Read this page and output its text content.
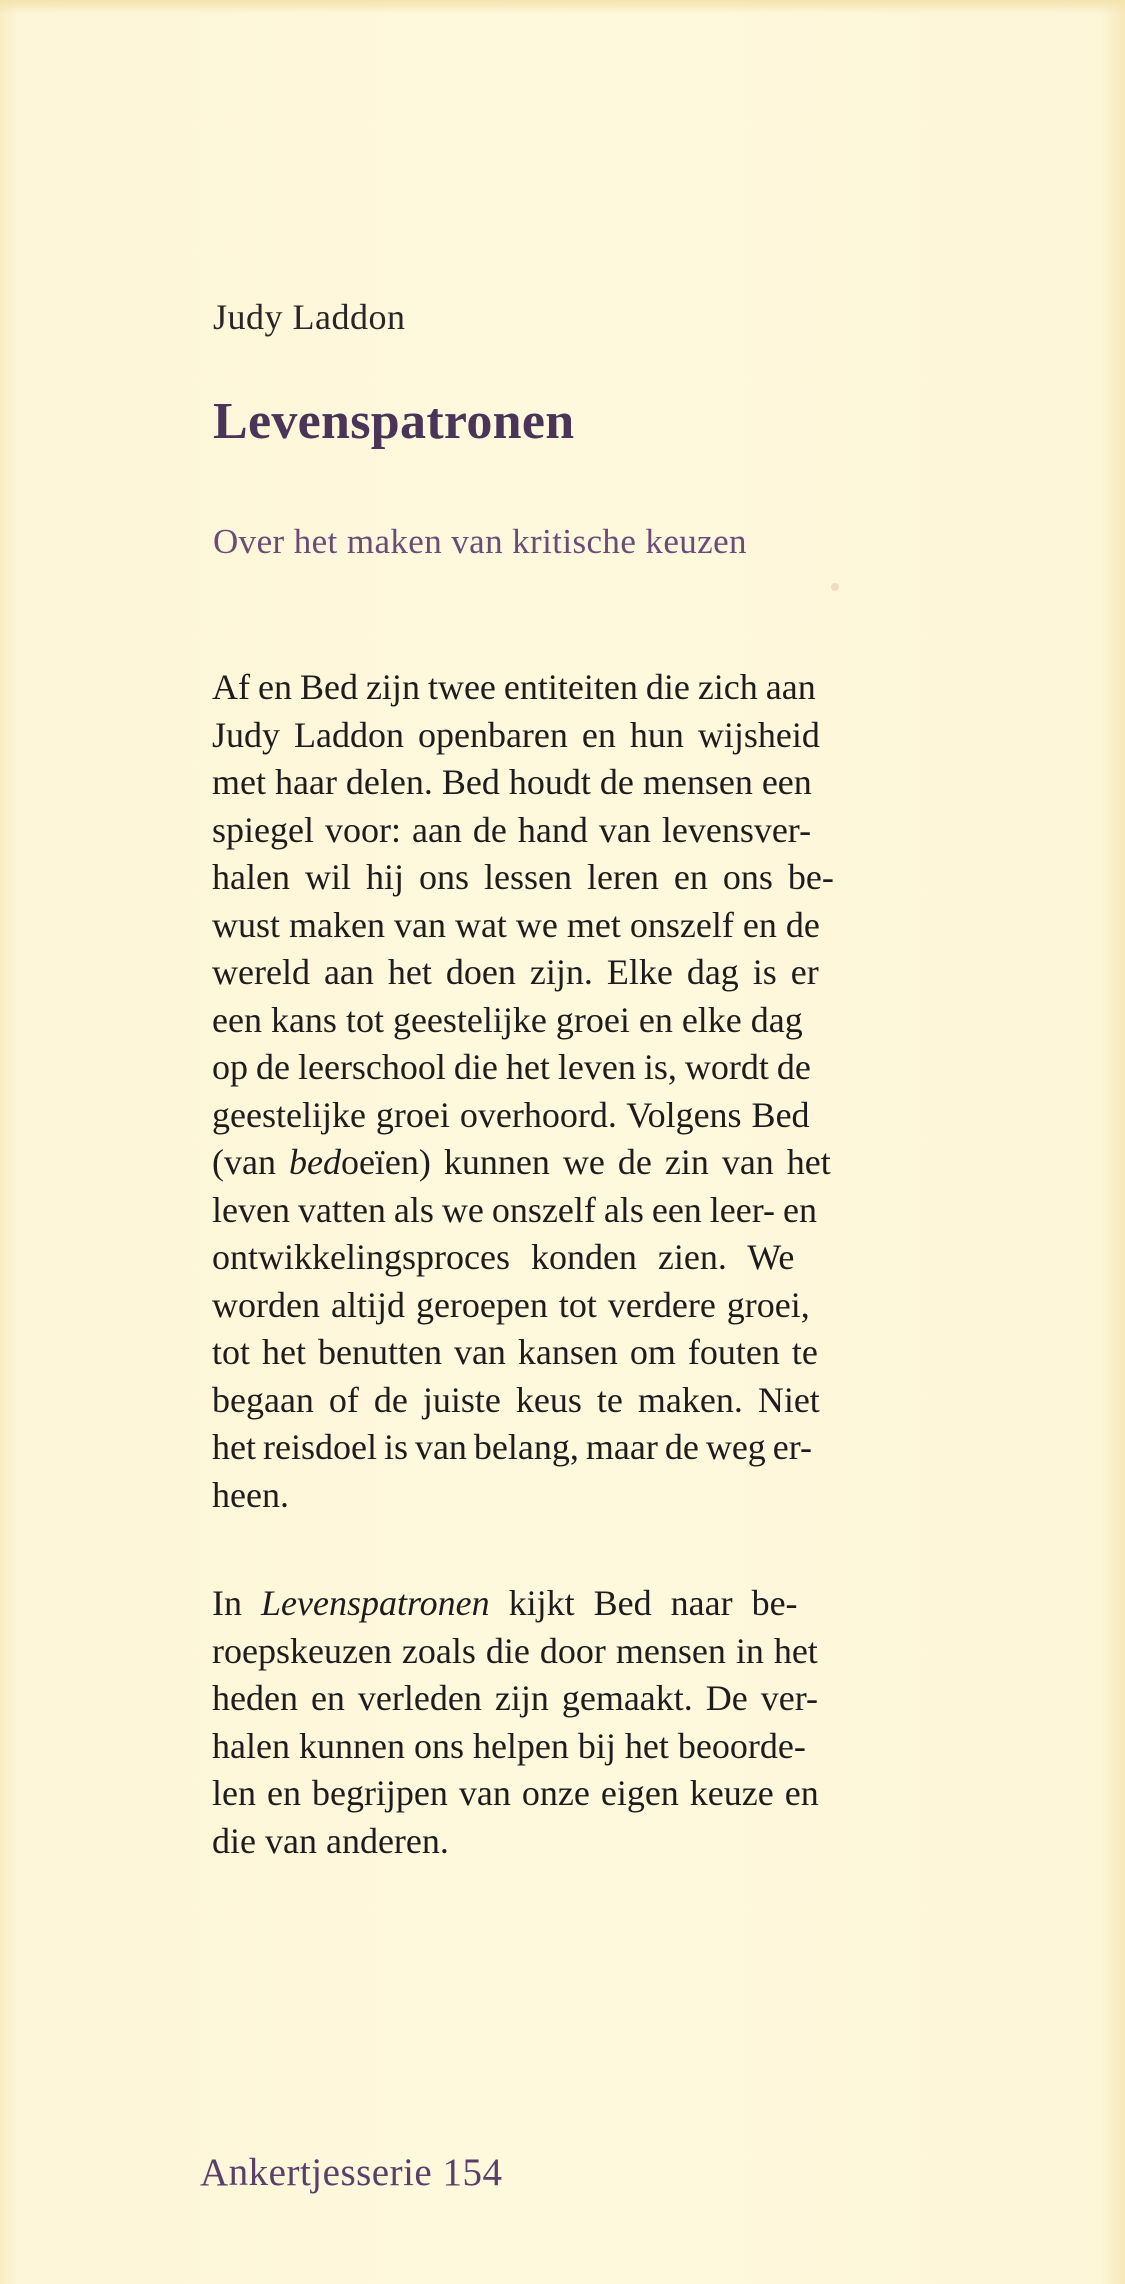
Judy Laddon

Levenspatronen
Over het maken van kritische keuzen

Af en Bed zijn twee entiteiten die zich aan
Judy Laddon openbaren en hun wijsheid
met haar delen. Bed houdt de mensen een
spiegel voor: aan de hand van levensver-
halen wil hij ons lessen leren en ons be-
wust maken van wat we met onszelf en de
wereld aan het doen zijn. Elke dag is er
een kans tot geestelijke groei en elke dag
op de leerschool die het leven is, wordt de
geestelijke groei overhoord. Volgens Bed
(van bedoeïen) kunnen we de zin van het
leven vatten als we onszelf als een leer- en
ontwikkelingsproces konden zien. We
worden altijd geroepen tot verdere groei,
tot het benutten van kansen om fouten te
begaan of de juiste keus te maken. Niet
het reisdoel is van belang, maar de weg er-
heen.

In Levenspatronen kijkt Bed naar be-
roepskeuzen zoals die door mensen in het
heden en verleden zijn gemaakt. De ver-
halen kunnen ons helpen bij het beoorde-
len en begrijpen van onze eigen keuze en
die van anderen.

Ankertjesserie 154
